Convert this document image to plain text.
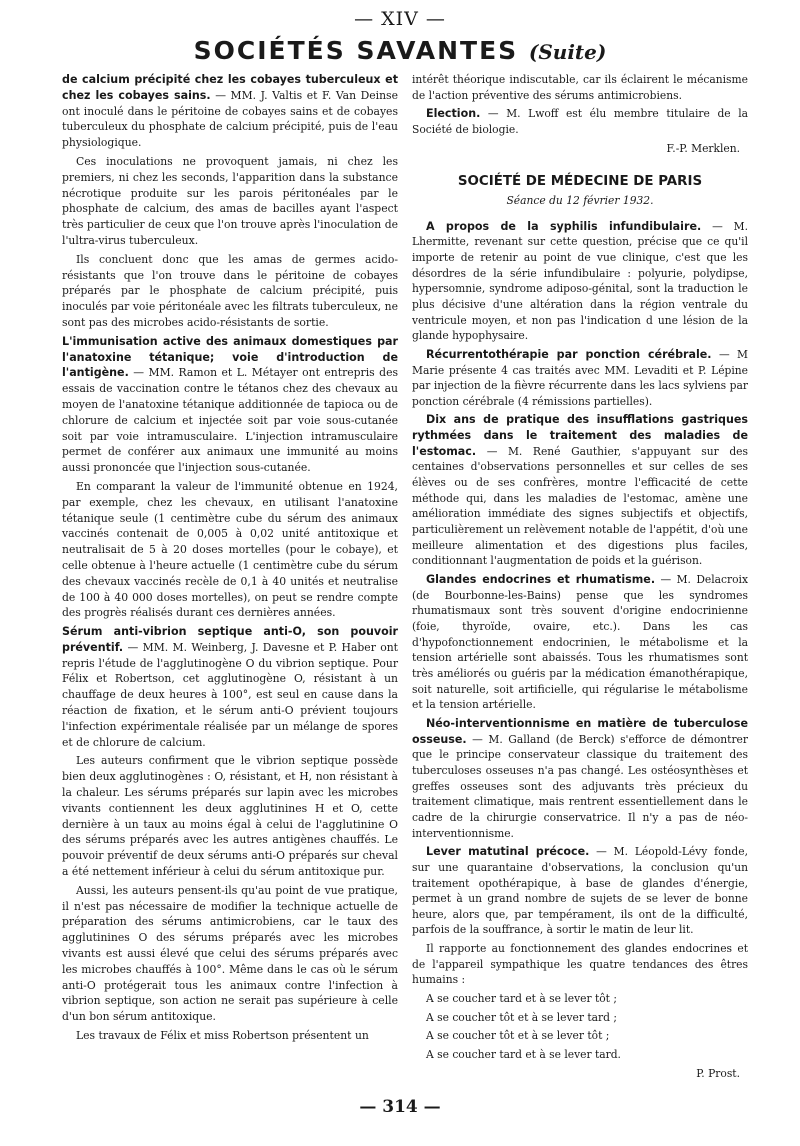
— XIV —
SOCIÉTÉS SAVANTES (Suite)

de calcium précipité chez les cobayes tuberculeux et chez les cobayes sains. — MM. J. Valtis et F. Van Deinse ont inoculé dans le péritoine de cobayes sains et de cobayes tuberculeux du phosphate de calcium précipité, puis de l'eau physiologique.

Ces inoculations ne provoquent jamais, ni chez les premiers, ni chez les seconds, l'apparition dans la substance nécrotique produite sur les parois péritonéales par le phosphate de calcium, des amas de bacilles ayant l'aspect très particulier de ceux que l'on trouve après l'inoculation de l'ultra-virus tuberculeux.

Ils concluent donc que les amas de germes acido-résistants que l'on trouve dans le péritoine de cobayes préparés par le phosphate de calcium précipité, puis inoculés par voie péritonéale avec les filtrats tuberculeux, ne sont pas des microbes acido-résistants de sortie.

L'immunisation active des animaux domestiques par l'anatoxine tétanique; voie d'introduction de l'antigène. — MM. Ramon et L. Métayer ont entrepris des essais de vaccination contre le tétanos chez des chevaux au moyen de l'anatoxine tétanique additionnée de tapioca ou de chlorure de calcium et injectée soit par voie sous-cutanée soit par voie intramusculaire. L'injection intramusculaire permet de conférer aux animaux une immunité au moins aussi prononcée que l'injection sous-cutanée.

En comparant la valeur de l'immunité obtenue en 1924, par exemple, chez les chevaux, en utilisant l'anatoxine tétanique seule (1 centimètre cube du sérum des animaux vaccinés contenait de 0,005 à 0,02 unité antitoxique et neutralisait de 5 à 20 doses mortelles (pour le cobaye), et celle obtenue à l'heure actuelle (1 centimètre cube du sérum des chevaux vaccinés recèle de 0,1 à 40 unités et neutralise de 100 à 40 000 doses mortelles), on peut se rendre compte des progrès réalisés durant ces dernières années.

Sérum anti-vibrion septique anti-O, son pouvoir préventif. — MM. M. Weinberg, J. Davesne et P. Haber ont repris l'étude de l'agglutinogène O du vibrion septique. Pour Félix et Robertson, cet agglutinogène O, résistant à un chauffage de deux heures à 100°, est seul en cause dans la réaction de fixation, et le sérum anti-O prévient toujours l'infection expérimentale réalisée par un mélange de spores et de chlorure de calcium.

Les auteurs confirment que le vibrion septique possède bien deux agglutinogènes : O, résistant, et H, non résistant à la chaleur. Les sérums préparés sur lapin avec les microbes vivants contiennent les deux agglutinines H et O, cette dernière à un taux au moins égal à celui de l'agglutinine O des sérums préparés avec les autres antigènes chauffés. Le pouvoir préventif de deux sérums anti-O préparés sur cheval a été nettement inférieur à celui du sérum antitoxique pur.

Aussi, les auteurs pensent-ils qu'au point de vue pratique, il n'est pas nécessaire de modifier la technique actuelle de préparation des sérums antimicrobiens, car le taux des agglutinines O des sérums préparés avec les microbes vivants est aussi élevé que celui des sérums préparés avec les microbes chauffés à 100°. Même dans le cas où le sérum anti-O protégerait tous les animaux contre l'infection à vibrion septique, son action ne serait pas supérieure à celle d'un bon sérum antitoxique.

Les travaux de Félix et miss Robertson présentent un

intérêt théorique indiscutable, car ils éclairent le mécanisme de l'action préventive des sérums antimicrobiens.

Election. — M. Lwoff est élu membre titulaire de la Société de biologie.

F.-P. Merklen.

SOCIÉTÉ DE MÉDECINE DE PARIS
Séance du 12 février 1932.

A propos de la syphilis infundibulaire. — M. Lhermitte, revenant sur cette question, précise que ce qu'il importe de retenir au point de vue clinique, c'est que les désordres de la série infundibulaire : polyurie, polydipse, hypersomnie, syndrome adiposo-génital, sont la traduction le plus décisive d'une altération dans la région ventrale du ventricule moyen, et non pas l'indication d une lésion de la glande hypophysaire.

Récurrentothérapie par ponction cérébrale. — M Marie présente 4 cas traités avec MM. Levaditi et P. Lépine par injection de la fièvre récurrente dans les lacs sylviens par ponction cérébrale (4 rémissions partielles).

Dix ans de pratique des insufflations gastriques rythmées dans le traitement des maladies de l'estomac. — M. René Gauthier, s'appuyant sur des centaines d'observations personnelles et sur celles de ses élèves ou de ses confrères, montre l'efficacité de cette méthode qui, dans les maladies de l'estomac, amène une amélioration immédiate des signes subjectifs et objectifs, particulièrement un relèvement notable de l'appétit, d'où une meilleure alimentation et des digestions plus faciles, conditionnant l'augmentation de poids et la guérison.

Glandes endocrines et rhumatisme. — M. Delacroix (de Bourbonne-les-Bains) pense que les syndromes rhumatismaux sont très souvent d'origine endocrinienne (foie, thyroïde, ovaire, etc.). Dans les cas d'hypofonctionnement endocrinien, le métabolisme et la tension artérielle sont abaissés. Tous les rhumatismes sont très améliorés ou guéris par la médication émanothérapique, soit naturelle, soit artificielle, qui régularise le métabolisme et la tension artérielle.

Néo-interventionnisme en matière de tuberculose osseuse. — M. Galland (de Berck) s'efforce de démontrer que le principe conservateur classique du traitement des tuberculoses osseuses n'a pas changé. Les ostéosynthèses et greffes osseuses sont des adjuvants très précieux du traitement climatique, mais rentrent essentiellement dans le cadre de la chirurgie conservatrice. Il n'y a pas de néo-interventionnisme.

Lever matutinal précoce. — M. Léopold-Lévy fonde, sur une quarantaine d'observations, la conclusion qu'un traitement opothérapique, à base de glandes d'énergie, permet à un grand nombre de sujets de se lever de bonne heure, alors que, par tempérament, ils ont de la difficulté, parfois de la souffrance, à sortir le matin de leur lit.

Il rapporte au fonctionnement des glandes endocrines et de l'appareil sympathique les quatre tendances des êtres humains :

A se coucher tard et à se lever tôt ;

A se coucher tôt et à se lever tard ;

A se coucher tôt et à se lever tôt ;

A se coucher tard et à se lever tard.

P. Prost.

— 314 —
